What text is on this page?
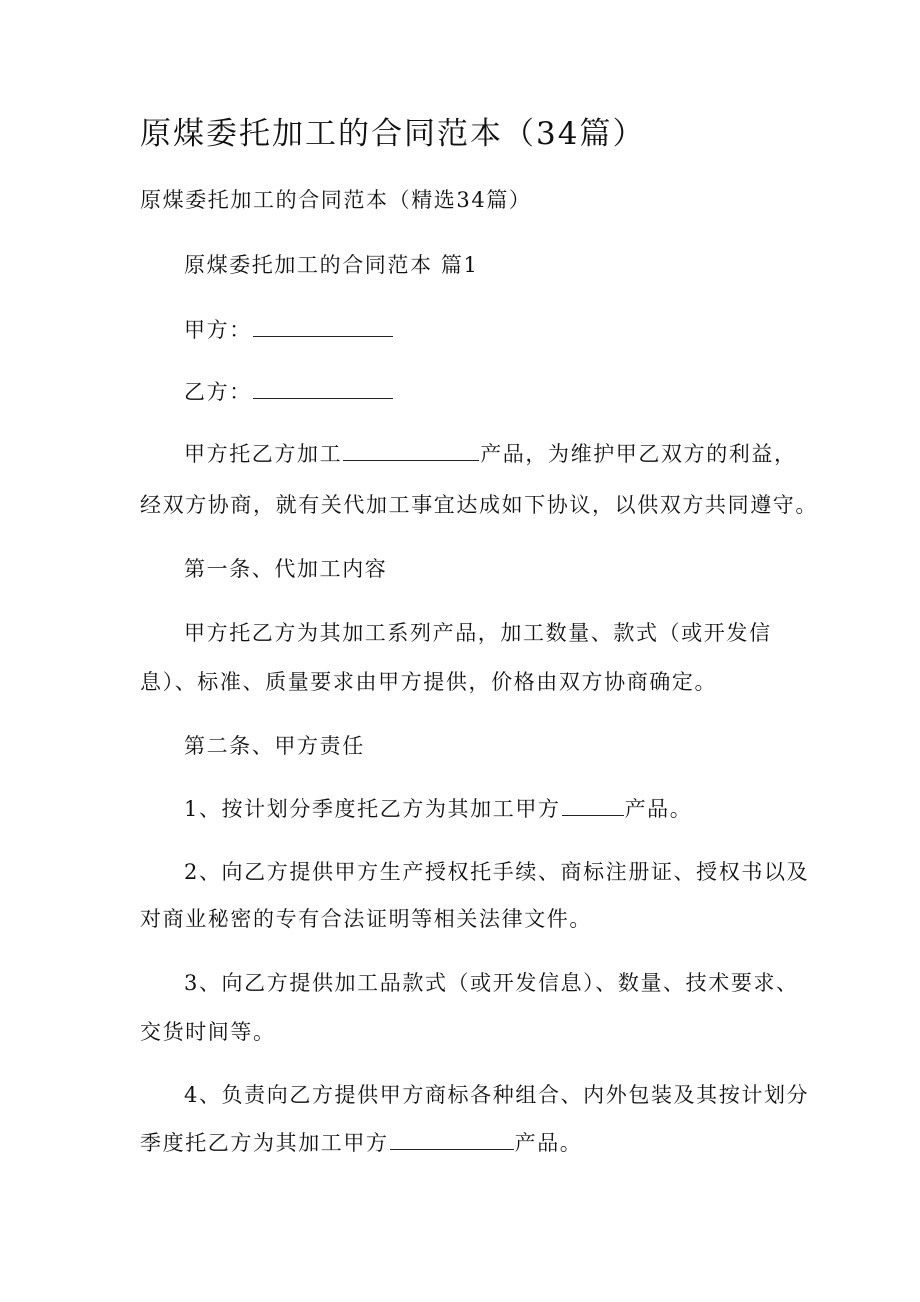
原煤委托加工的合同范本（34篇）
原煤委托加工的合同范本（精选34篇）
原煤委托加工的合同范本 篇1
甲方：
乙方：
甲方托乙方加工	产品，为维护甲乙双方的利益，
经双方协商，就有关代加工事宜达成如下协议，以供双方共同遵守。
第一条、代加工内容
甲方托乙方为其加工系列产品，加工数量、款式（或开发信
息）、标准、质量要求由甲方提供，价格由双方协商确定。
第二条、甲方责任
1、按计划分季度托乙方为其加工甲方	产品。
2、向乙方提供甲方生产授权托手续、商标注册证、授权书以及
对商业秘密的专有合法证明等相关法律文件。
3、向乙方提供加工品款式（或开发信息）、数量、技术要求、
交货时间等。
4、负责向乙方提供甲方商标各种组合、内外包装及其按计划分
季度托乙方为其加工甲方	产品。
